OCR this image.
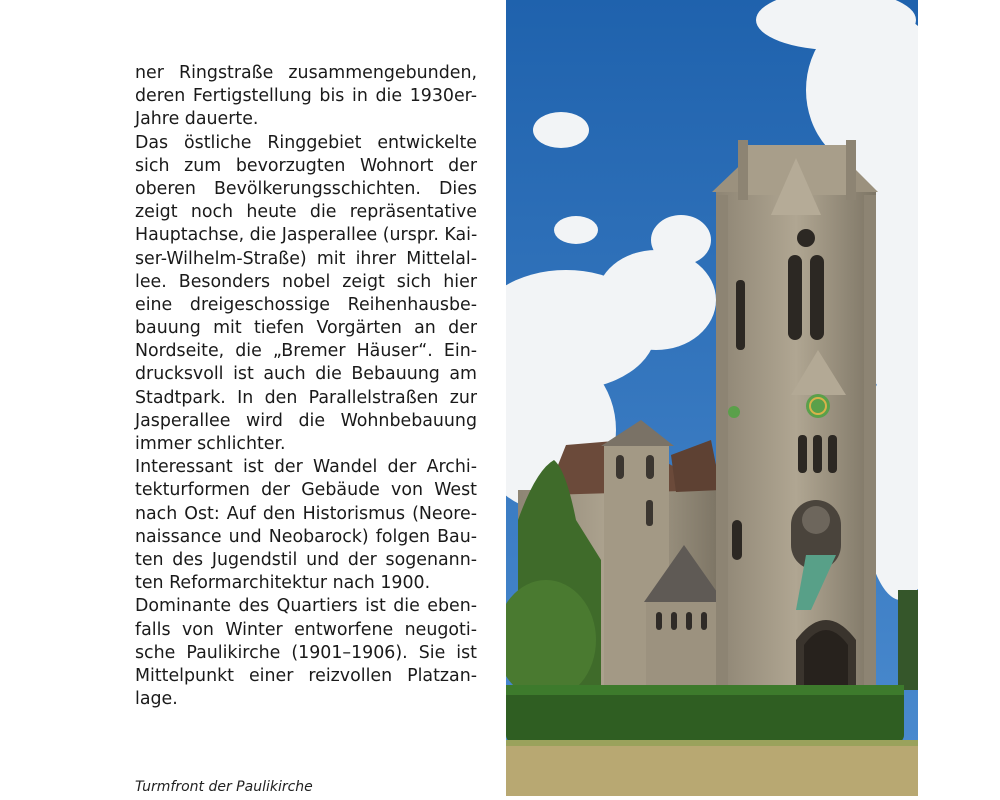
ner Ringstraße zusammengebunden,
deren Fertigstellung bis in die 1930er-
Jahre dauerte.

Das östliche Ringgebiet entwickelte
sich zum bevorzugten Wohnort der
oberen Bevölkerungsschichten. Dies
zeigt noch heute die repräsentative
Hauptachse, die Jasperallee (urspr. Kai-
ser-Wilhelm-Straße) mit ihrer Mittelal-
lee. Besonders nobel zeigt sich hier
eine dreigeschossige Reihenhausbe-
bauung mit tiefen Vorgärten an der
Nordseite, die „Bremer Häuser“. Ein-
drucksvoll ist auch die Bebauung am
Stadtpark. In den Parallelstraßen zur
Jasperallee wird die Wohnbebauung
immer schlichter.

Interessant ist der Wandel der Archi-
tekturformen der Gebäude von West
nach Ost: Auf den Historismus (Neore-
naissance und Neobarock) folgen Bau-
ten des Jugendstil und der sogenann-
ten Reformarchitektur nach 1900.

Dominante des Quartiers ist die eben-
falls von Winter entworfene neugoti-
sche Paulikirche (1901–1906). Sie ist
Mittelpunkt einer reizvollen Platzan-
lage.

Turmfront der Paulikirche
